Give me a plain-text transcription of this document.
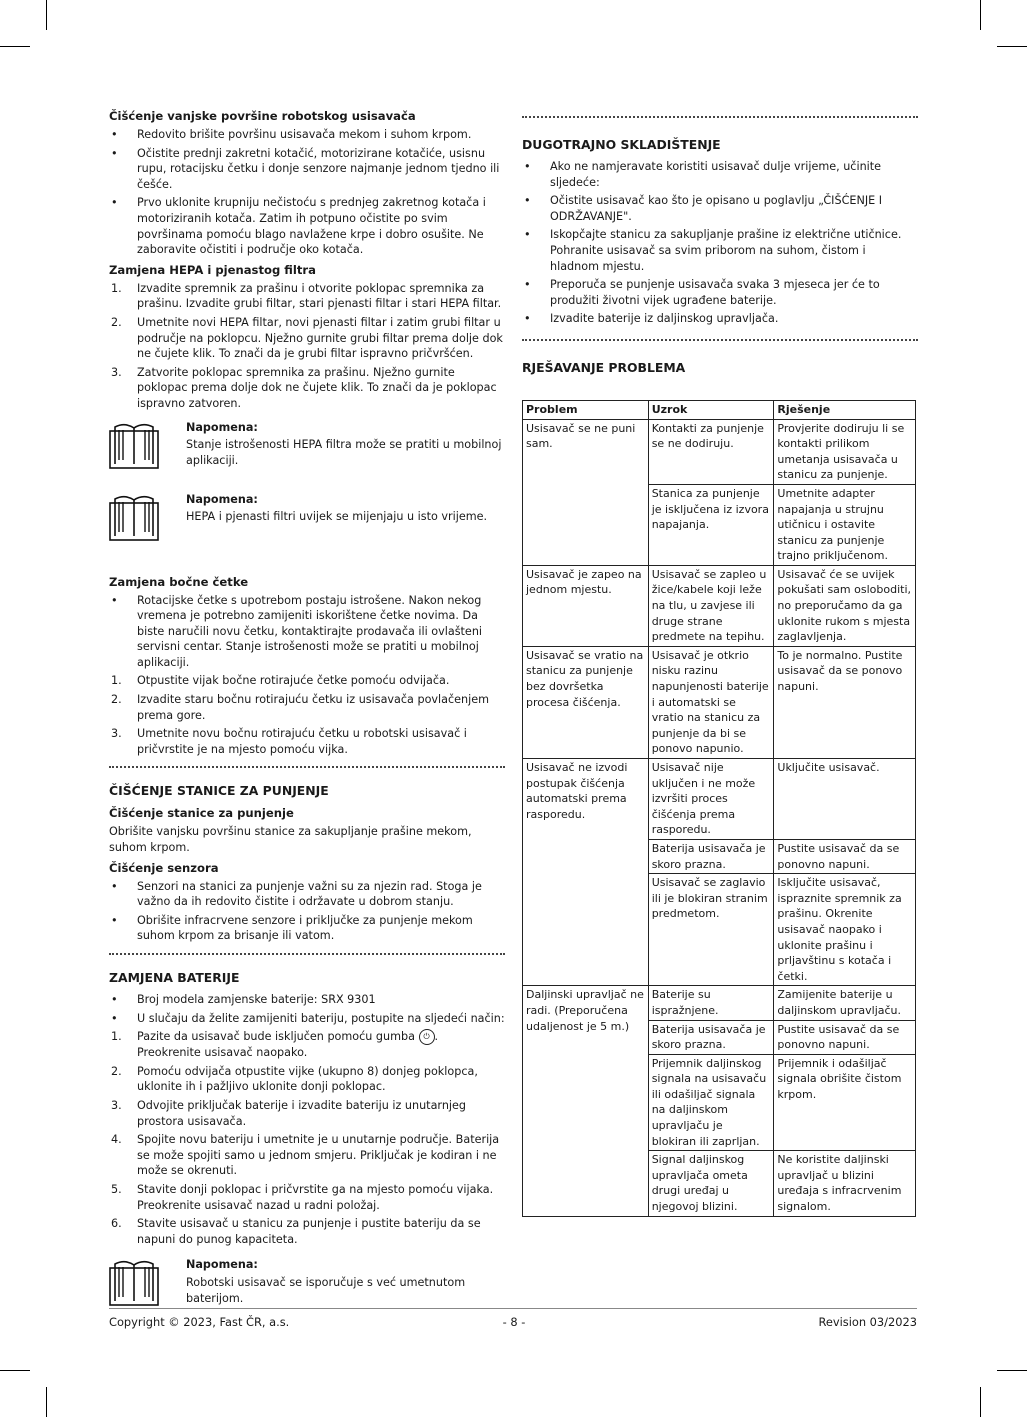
Čišćenje vanjske površine robotskog usisavača
• Redovito brišite površinu usisavača mekom i suhom krpom.
• Očistite prednji zakretni kotačić, motorizirane kotačiće, usisnu rupu, rotacijsku četku i donje senzore najmanje jednom tjedno ili češće.
• Prvo uklonite krupniju nečistoću s prednjeg zakretnog kotača i motoriziranih kotača. Zatim ih potpuno očistite po svim površinama pomoću blago navlažene krpe i dobro osušite. Ne zaboravite očistiti i područje oko kotača.
Zamjena HEPA i pjenastog filtra
1. Izvadite spremnik za prašinu i otvorite poklopac spremnika za prašinu. Izvadite grubi filtar, stari pjenasti filtar i stari HEPA filtar.
2. Umetnite novi HEPA filtar, novi pjenasti filtar i zatim grubi filtar u područje na poklopcu. Nježno gurnite grubi filtar prema dolje dok ne čujete klik. To znači da je grubi filtar ispravno pričvršćen.
3. Zatvorite poklopac spremnika za prašinu. Nježno gurnite poklopac prema dolje dok ne čujete klik. To znači da je poklopac ispravno zatvoren.
Napomena:
Stanje istrošenosti HEPA filtra može se pratiti u mobilnoj aplikaciji.
Napomena:
HEPA i pjenasti filtri uvijek se mijenjaju u isto vrijeme.
Zamjena bočne četke
• Rotacijske četke s upotrebom postaju istrošene. Nakon nekog vremena je potrebno zamijeniti iskorištene četke novima. Da biste naručili novu četku, kontaktirajte prodavača ili ovlašteni servisni centar. Stanje istrošenosti može se pratiti u mobilnoj aplikaciji.
1. Otpustite vijak bočne rotirajuće četke pomoću odvijača.
2. Izvadite staru bočnu rotirajuću četku iz usisavača povlačenjem prema gore.
3. Umetnite novu bočnu rotirajuću četku u robotski usisavač i pričvrstite je na mjesto pomoću vijka.
ČIŠĆENJE STANICE ZA PUNJENJE
Čišćenje stanice za punjenje
Obrišite vanjsku površinu stanice za sakupljanje prašine mekom, suhom krpom.
Čišćenje senzora
• Senzori na stanici za punjenje važni su za njezin rad. Stoga je važno da ih redovito čistite i održavate u dobrom stanju.
• Obrišite infracrvene senzore i priključke za punjenje mekom suhom krpom za brisanje ili vatom.
ZAMJENA BATERIJE
• Broj modela zamjenske baterije: SRX 9301
• U slučaju da želite zamijeniti bateriju, postupite na sljedeći način:
1. Pazite da usisavač bude isključen pomoću gumba ⏻ . Preokrenite usisavač naopako.
2. Pomoću odvijača otpustite vijke (ukupno 8) donjeg poklopca, uklonite ih i pažljivo uklonite donji poklopac.
3. Odvojite priključak baterije i izvadite bateriju iz unutarnjeg prostora usisavača.
4. Spojite novu bateriju i umetnite je u unutarnje područje. Baterija se može spojiti samo u jednom smjeru. Priključak je kodiran i ne može se okrenuti.
5. Stavite donji poklopac i pričvrstite ga na mjesto pomoću vijaka. Preokrenite usisavač nazad u radni položaj.
6. Stavite usisavač u stanicu za punjenje i pustite bateriju da se napuni do punog kapaciteta.
Napomena:
Robotski usisavač se isporučuje s već umetnutom baterijom.
DUGOTRAJNO SKLADIŠTENJE
• Ako ne namjeravate koristiti usisavač dulje vrijeme, učinite sljedeće:
• Očistite usisavač kao što je opisano u poglavlju „ČIŠĆENJE I ODRŽAVANJE".
• Iskopčajte stanicu za sakupljanje prašine iz električne utičnice. Pohranite usisavač sa svim priborom na suhom, čistom i hladnom mjestu.
• Preporuča se punjenje usisavača svaka 3 mjeseca jer će to produžiti životni vijek ugrađene baterije.
• Izvadite baterije iz daljinskog upravljača.
RJEŠAVANJE PROBLEMA
Problem	Uzrok	Rješenje
Usisavač se ne puni sam.	Kontakti za punjenje se ne dodiruju.	Provjerite dodiruju li se kontakti prilikom umetanja usisavača u stanicu za punjenje.
	Stanica za punjenje je isključena iz izvora napajanja.	Umetnite adapter napajanja u strujnu utičnicu i ostavite stanicu za punjenje trajno priključenom.
Usisavač je zapeo na jednom mjestu.	Usisavač se zapleo u žice/kabele koji leže na tlu, u zavjese ili druge strane predmete na tepihu.	Usisavač će se uvijek pokušati sam osloboditi, no preporučamo da ga uklonite rukom s mjesta zaglavljenja.
Usisavač se vratio na stanicu za punjenje bez dovršetka procesa čišćenja.	Usisavač je otkrio nisku razinu napunjenosti baterije i automatski se vratio na stanicu za punjenje da bi se ponovo napunio.	To je normalno. Pustite usisavač da se ponovo napuni.
Usisavač ne izvodi postupak čišćenja automatski prema rasporedu.	Usisavač nije uključen i ne može izvršiti proces čišćenja prema rasporedu.	Uključite usisavač.
	Baterija usisavača je skoro prazna.	Pustite usisavač da se ponovno napuni.
	Usisavač se zaglavio ili je blokiran stranim predmetom.	Isključite usisavač, ispraznite spremnik za prašinu. Okrenite usisavač naopako i uklonite prašinu i prljavštinu s kotača i četki.
Daljinski upravljač ne radi. (Preporučena udaljenost je 5 m.)	Baterije su ispražnjene.	Zamijenite baterije u daljinskom upravljaču.
	Baterija usisavača je skoro prazna.	Pustite usisavač da se ponovno napuni.
	Prijemnik daljinskog signala na usisavaču ili odašiljač signala na daljinskom upravljaču je blokiran ili zaprljan.	Prijemnik i odašiljač signala obrišite čistom krpom.
	Signal daljinskog upravljača ometa drugi uređaj u njegovoj blizini.	Ne koristite daljinski upravljač u blizini uređaja s infracrvenim signalom.
Copyright © 2023, Fast ČR, a.s.	- 8 -	Revision 03/2023
